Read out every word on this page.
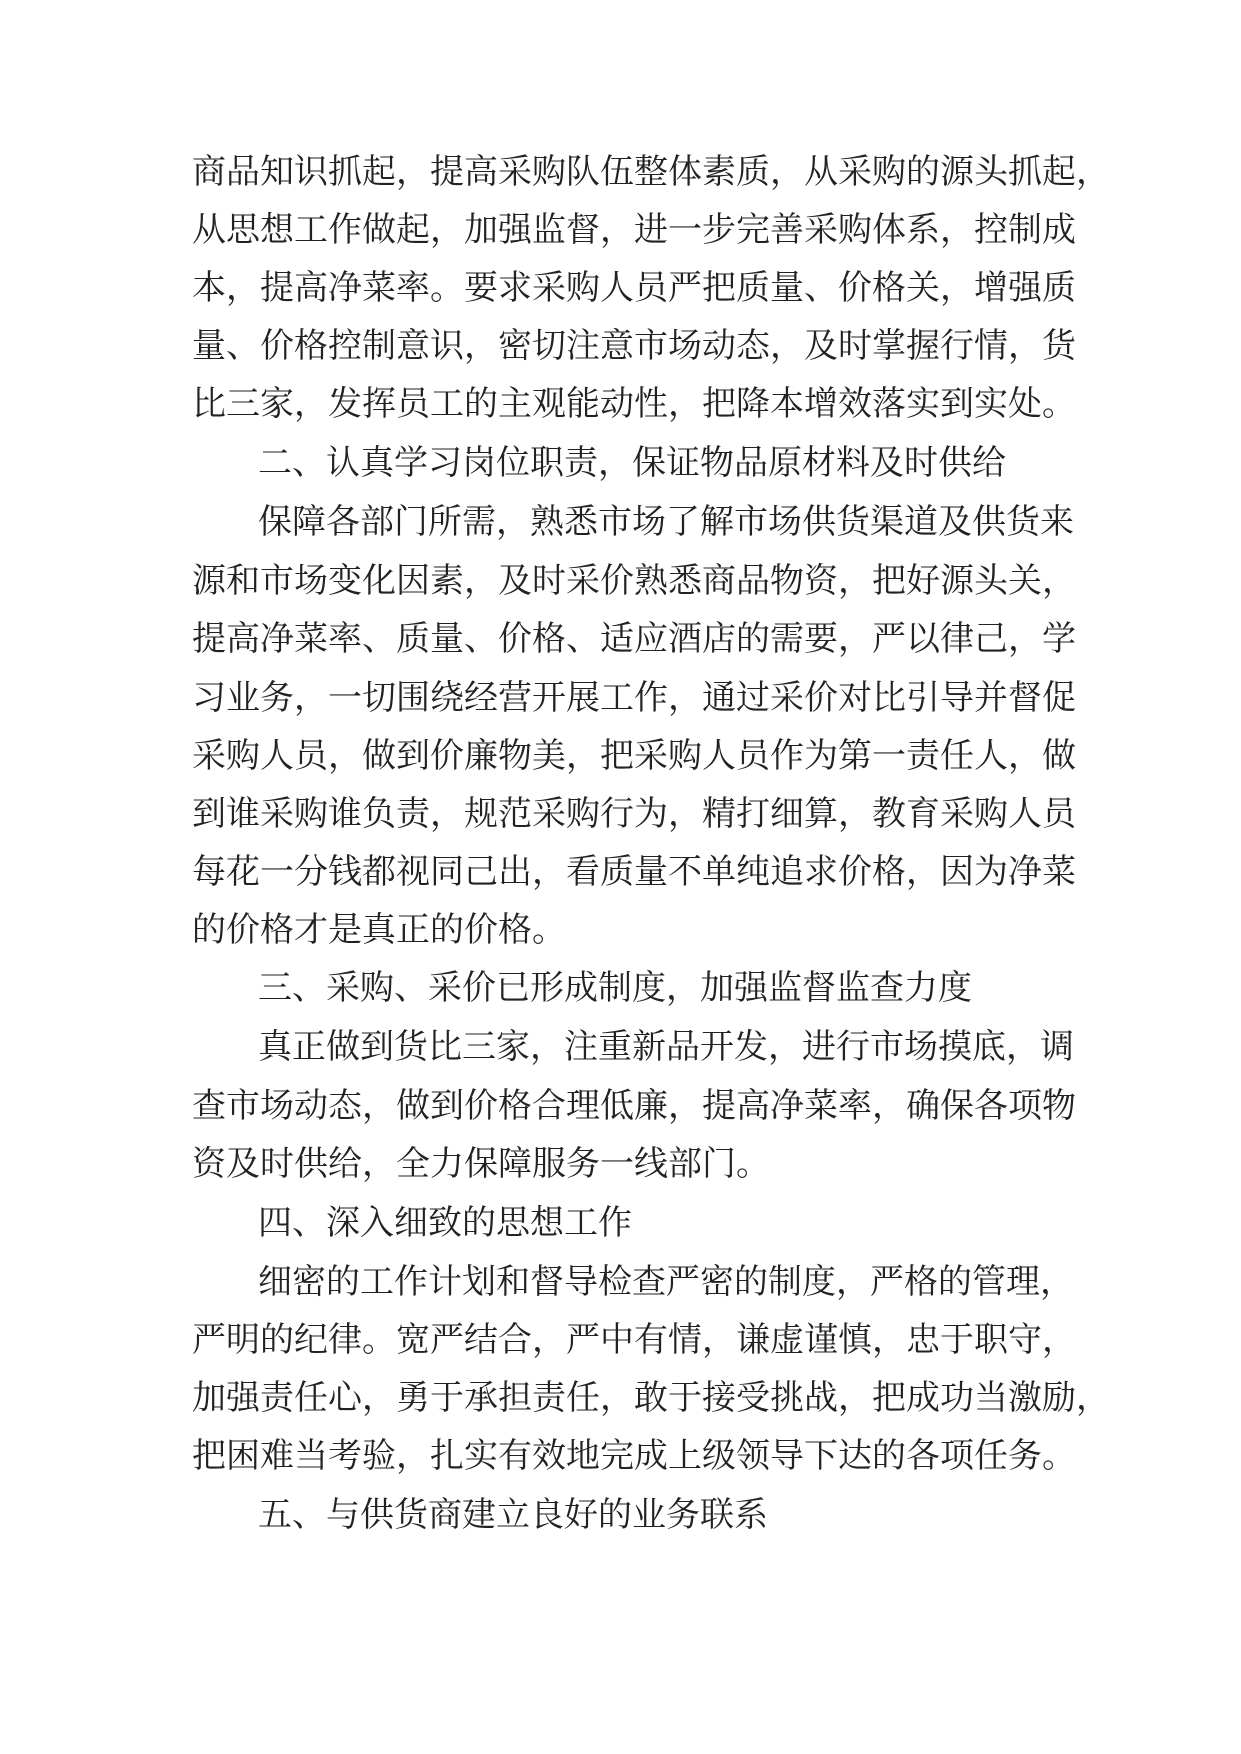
商品知识抓起，提高采购队伍整体素质，从采购的源头抓起，

从思想工作做起，加强监督，进一步完善采购体系，控制成

本，提高净菜率。要求采购人员严把质量、价格关，增强质

量、价格控制意识，密切注意市场动态，及时掌握行情，货

比三家，发挥员工的主观能动性，把降本增效落实到实处。

二、认真学习岗位职责，保证物品原材料及时供给

保障各部门所需，熟悉市场了解市场供货渠道及供货来

源和市场变化因素，及时采价熟悉商品物资，把好源头关，

提高净菜率、质量、价格、适应酒店的需要，严以律己，学

习业务，一切围绕经营开展工作，通过采价对比引导并督促

采购人员，做到价廉物美，把采购人员作为第一责任人，做

到谁采购谁负责，规范采购行为，精打细算，教育采购人员

每花一分钱都视同己出，看质量不单纯追求价格，因为净菜

的价格才是真正的价格。

三、采购、采价已形成制度，加强监督监查力度

真正做到货比三家，注重新品开发，进行市场摸底，调

查市场动态，做到价格合理低廉，提高净菜率，确保各项物

资及时供给，全力保障服务一线部门。

四、深入细致的思想工作

细密的工作计划和督导检查严密的制度，严格的管理，

严明的纪律。宽严结合，严中有情，谦虚谨慎，忠于职守，

加强责任心，勇于承担责任，敢于接受挑战，把成功当激励，

把困难当考验，扎实有效地完成上级领导下达的各项任务。

五、与供货商建立良好的业务联系
